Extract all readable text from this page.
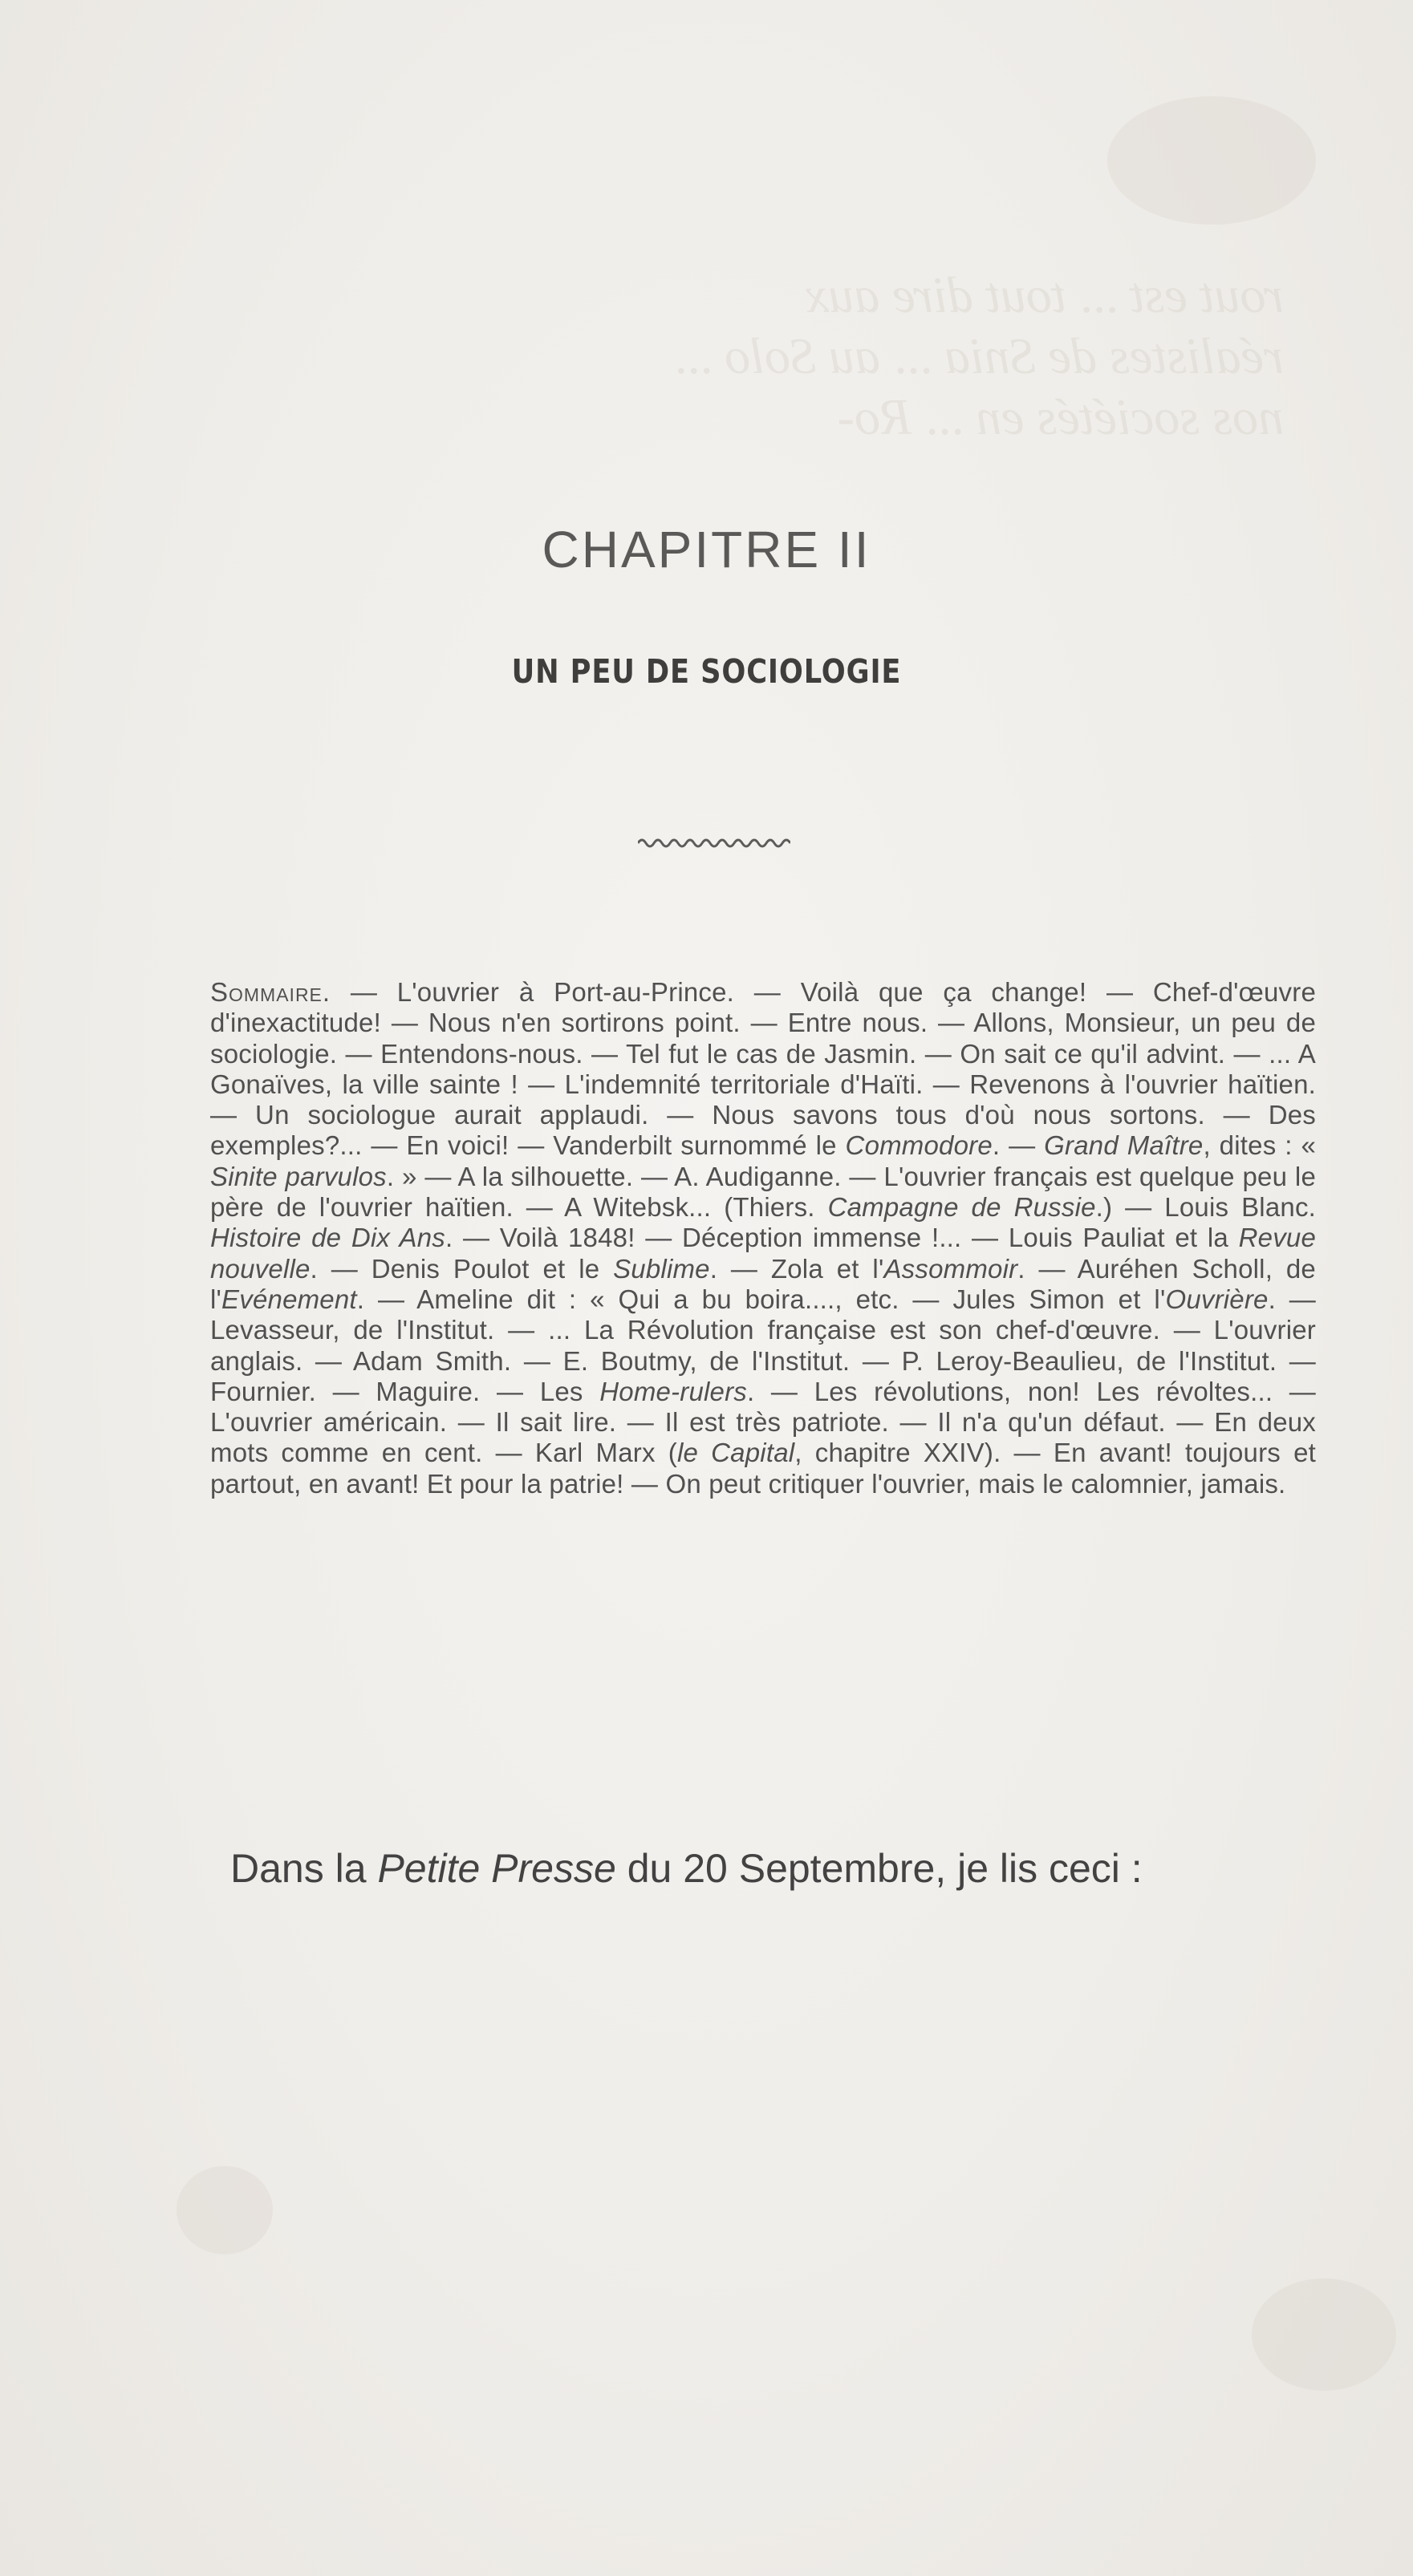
rout est ... tout dire aux
réalistes de Snia ... au Solo ...
nos sociétés en ... Ro-
CHAPITRE II
UN PEU DE SOCIOLOGIE

Sommaire. — L'ouvrier à Port-au-Prince. — Voilà que ça change! — Chef-d'œuvre d'inexactitude! — Nous n'en sortirons point. — Entre nous. — Allons, Monsieur, un peu de sociologie. — Entendons-nous. — Tel fut le cas de Jasmin. — On sait ce qu'il advint. — ... A Gonaïves, la ville sainte ! — L'indemnité territoriale d'Haïti. — Revenons à l'ouvrier haïtien. — Un sociologue aurait applaudi. — Nous savons tous d'où nous sortons. — Des exemples?... — En voici! — Vanderbilt surnommé le Commodore. — Grand Maître, dites : « Sinite parvulos. » — A la silhouette. — A. Audiganne. — L'ouvrier français est quelque peu le père de l'ouvrier haïtien. — A Witebsk... (Thiers. Campagne de Russie.) — Louis Blanc. Histoire de Dix Ans. — Voilà 1848! — Déception immense !... — Louis Pauliat et la Revue nouvelle. — Denis Poulot et le Sublime. — Zola et l'Assommoir. — Auréhen Scholl, de l'Evénement. — Ameline dit : « Qui a bu boira...., etc. — Jules Simon et l'Ouvrière. — Levasseur, de l'Institut. — ... La Révolution française est son chef-d'œuvre. — L'ouvrier anglais. — Adam Smith. — E. Boutmy, de l'Institut. — P. Leroy-Beaulieu, de l'Institut. — Fournier. — Maguire. — Les Home-rulers. — Les révolutions, non! Les révoltes... — L'ouvrier américain. — Il sait lire. — Il est très patriote. — Il n'a qu'un défaut. — En deux mots comme en cent. — Karl Marx (le Capital, chapitre XXIV). — En avant! toujours et partout, en avant! Et pour la patrie! — On peut critiquer l'ouvrier, mais le calomnier, jamais.

Dans la Petite Presse du 20 Septembre, je lis ceci :
